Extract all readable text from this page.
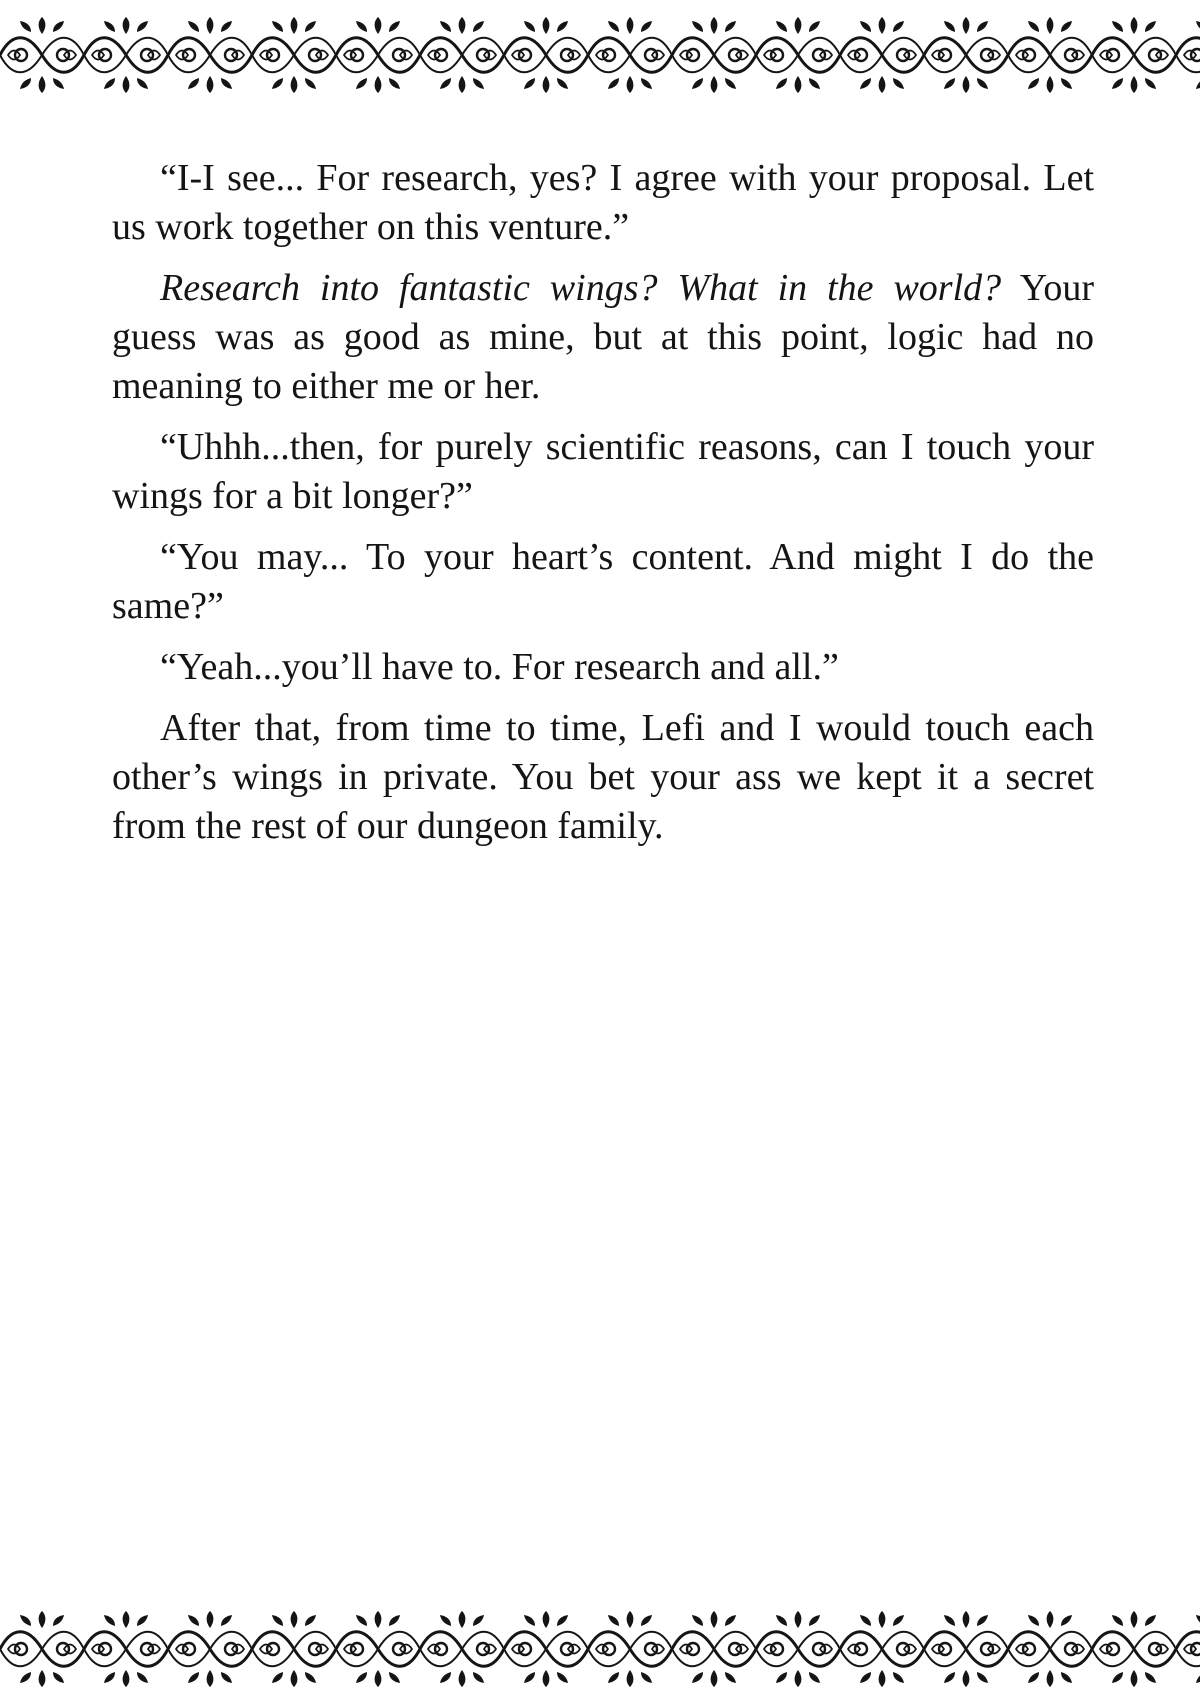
“I-I see... For research, yes? I agree with your proposal. Let us work together on this venture.”

Research into fantastic wings? What in the world? Your guess was as good as mine, but at this point, logic had no meaning to either me or her.

“Uhhh...then, for purely scientific reasons, can I touch your wings for a bit longer?”

“You may... To your heart’s content. And might I do the same?”

“Yeah...you’ll have to. For research and all.”

After that, from time to time, Lefi and I would touch each other’s wings in private. You bet your ass we kept it a secret from the rest of our dungeon family.
